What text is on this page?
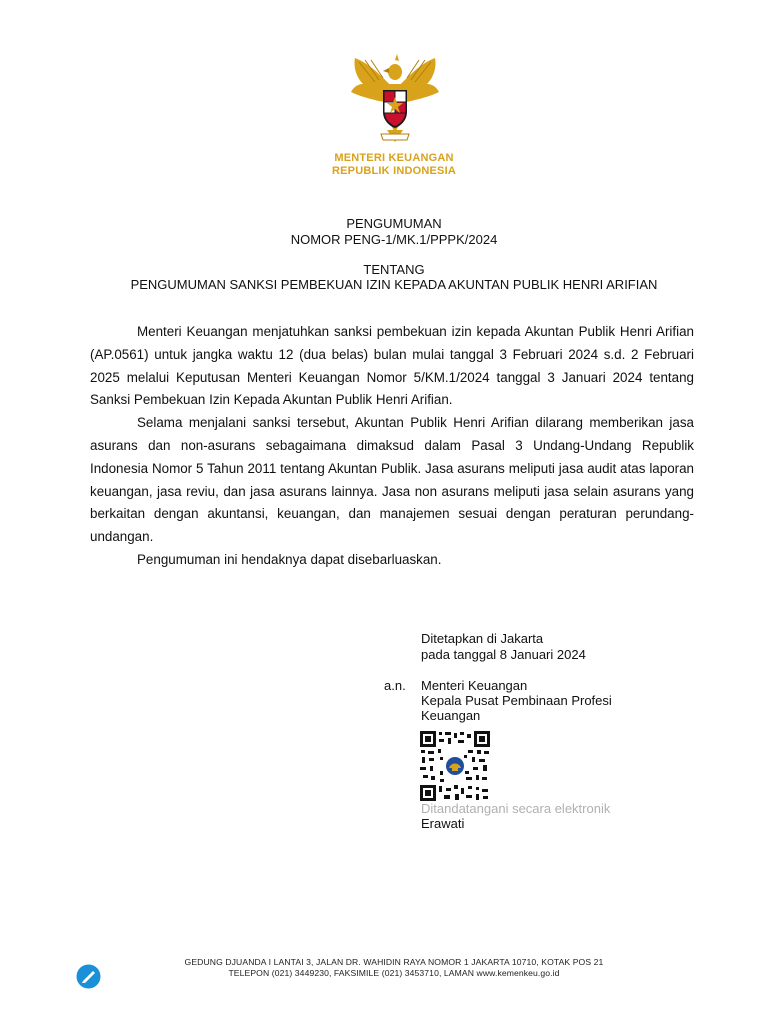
MENTERI KEUANGAN
REPUBLIK INDONESIA
PENGUMUMAN
NOMOR PENG-1/MK.1/PPPK/2024
TENTANG
PENGUMUMAN SANKSI PEMBEKUAN IZIN KEPADA AKUNTAN PUBLIK HENRI ARIFIAN

Menteri Keuangan menjatuhkan sanksi pembekuan izin kepada Akuntan Publik Henri Arifian (AP.0561) untuk jangka waktu 12 (dua belas) bulan mulai tanggal 3 Februari 2024 s.d. 2 Februari 2025 melalui Keputusan Menteri Keuangan Nomor 5/KM.1/2024 tanggal 3 Januari 2024 tentang Sanksi Pembekuan Izin Kepada Akuntan Publik Henri Arifian.

Selama menjalani sanksi tersebut, Akuntan Publik Henri Arifian dilarang memberikan jasa asurans dan non-asurans sebagaimana dimaksud dalam Pasal 3 Undang-Undang Republik Indonesia Nomor 5 Tahun 2011 tentang Akuntan Publik. Jasa asurans meliputi jasa audit atas laporan keuangan, jasa reviu, dan jasa asurans lainnya. Jasa non asurans meliputi jasa selain asurans yang berkaitan dengan akuntansi, keuangan, dan manajemen sesuai dengan peraturan perundang-undangan.

Pengumuman ini hendaknya dapat disebarluaskan.

Ditetapkan di Jakarta
pada tanggal 8 Januari 2024
a.n. Menteri Keuangan
Kepala Pusat Pembinaan Profesi
Keuangan
Ditandatangani secara elektronik
Erawati
GEDUNG DJUANDA I LANTAI 3, JALAN DR. WAHIDIN RAYA NOMOR 1 JAKARTA 10710, KOTAK POS 21
TELEPON (021) 3449230, FAKSIMILE (021) 3453710, LAMAN www.kemenkeu.go.id
